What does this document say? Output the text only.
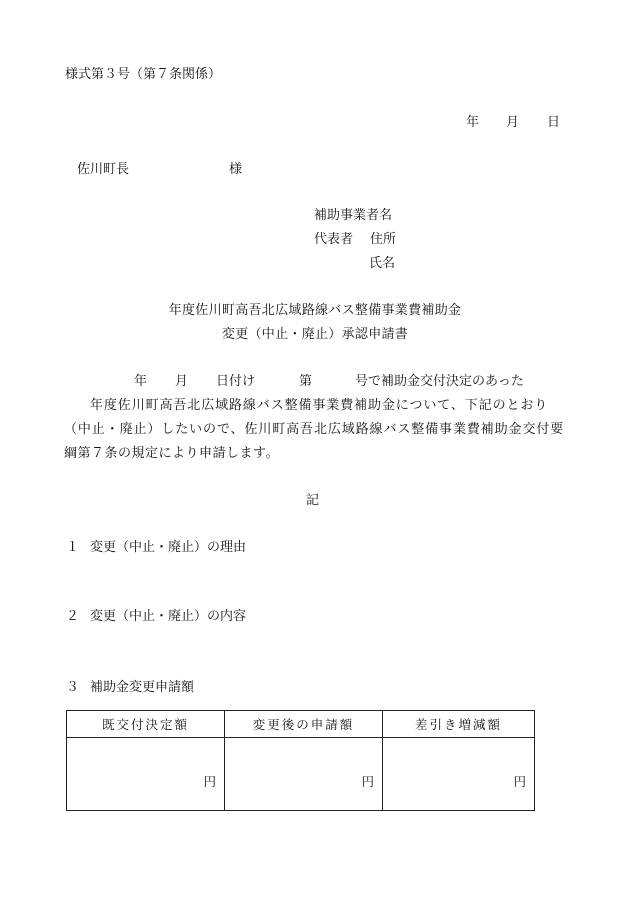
様式第３号（第７条関係）
年 月 日
佐川町長	様
補助事業者名
代表者 住所
氏名
年度佐川町高吾北広域路線バス整備事業費補助金
変更（中止・廃止）承認申請書
年 月 日付け	第	号で補助金交付決定のあった
年度佐川町高吾北広域路線バス整備事業費補助金について、下記のとおり
（中止・廃止）したいので、佐川町高吾北広域路線バス整備事業費補助金交付要
綱第７条の規定により申請します。
記
１ 変更（中止・廃止）の理由
２ 変更（中止・廃止）の内容
３ 補助金変更申請額
既交付決定額	変更後の申請額	差引き増減額
円	円	円
